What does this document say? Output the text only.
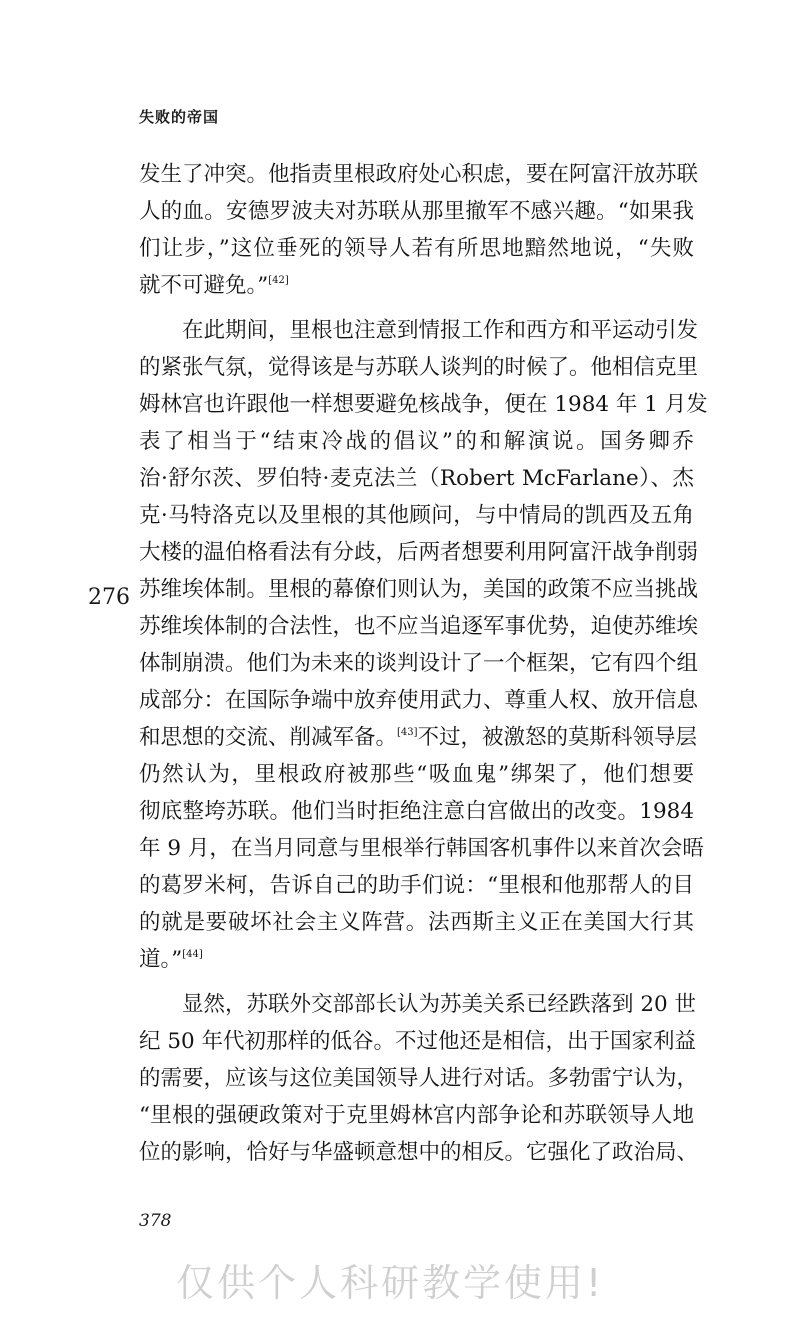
失败的帝国
276
发生了冲突。他指责里根政府处心积虑，要在阿富汗放苏联
人的血。安德罗波夫对苏联从那里撤军不感兴趣。“如果我
们让步，”这位垂死的领导人若有所思地黯然地说，“失败
就不可避免。”[42]
在此期间，里根也注意到情报工作和西方和平运动引发
的紧张气氛，觉得该是与苏联人谈判的时候了。他相信克里
姆林宫也许跟他一样想要避免核战争，便在 1984 年 1 月发
表了相当于“结束冷战的倡议”的和解演说。国务卿乔
治·舒尔茨、罗伯特·麦克法兰（Robert McFarlane）、杰
克·马特洛克以及里根的其他顾问，与中情局的凯西及五角
大楼的温伯格看法有分歧，后两者想要利用阿富汗战争削弱
苏维埃体制。里根的幕僚们则认为，美国的政策不应当挑战
苏维埃体制的合法性，也不应当追逐军事优势，迫使苏维埃
体制崩溃。他们为未来的谈判设计了一个框架，它有四个组
成部分：在国际争端中放弃使用武力、尊重人权、放开信息
和思想的交流、削减军备。[43]不过，被激怒的莫斯科领导层
仍然认为，里根政府被那些“吸血鬼”绑架了，他们想要
彻底整垮苏联。他们当时拒绝注意白宫做出的改变。1984
年 9 月，在当月同意与里根举行韩国客机事件以来首次会晤
的葛罗米柯，告诉自己的助手们说：“里根和他那帮人的目
的就是要破坏社会主义阵营。法西斯主义正在美国大行其
道。”[44]
显然，苏联外交部部长认为苏美关系已经跌落到 20 世
纪 50 年代初那样的低谷。不过他还是相信，出于国家利益
的需要，应该与这位美国领导人进行对话。多勃雷宁认为，
“里根的强硬政策对于克里姆林宫内部争论和苏联领导人地
位的影响，恰好与华盛顿意想中的相反。它强化了政治局、
378
仅供个人科研教学使用!
